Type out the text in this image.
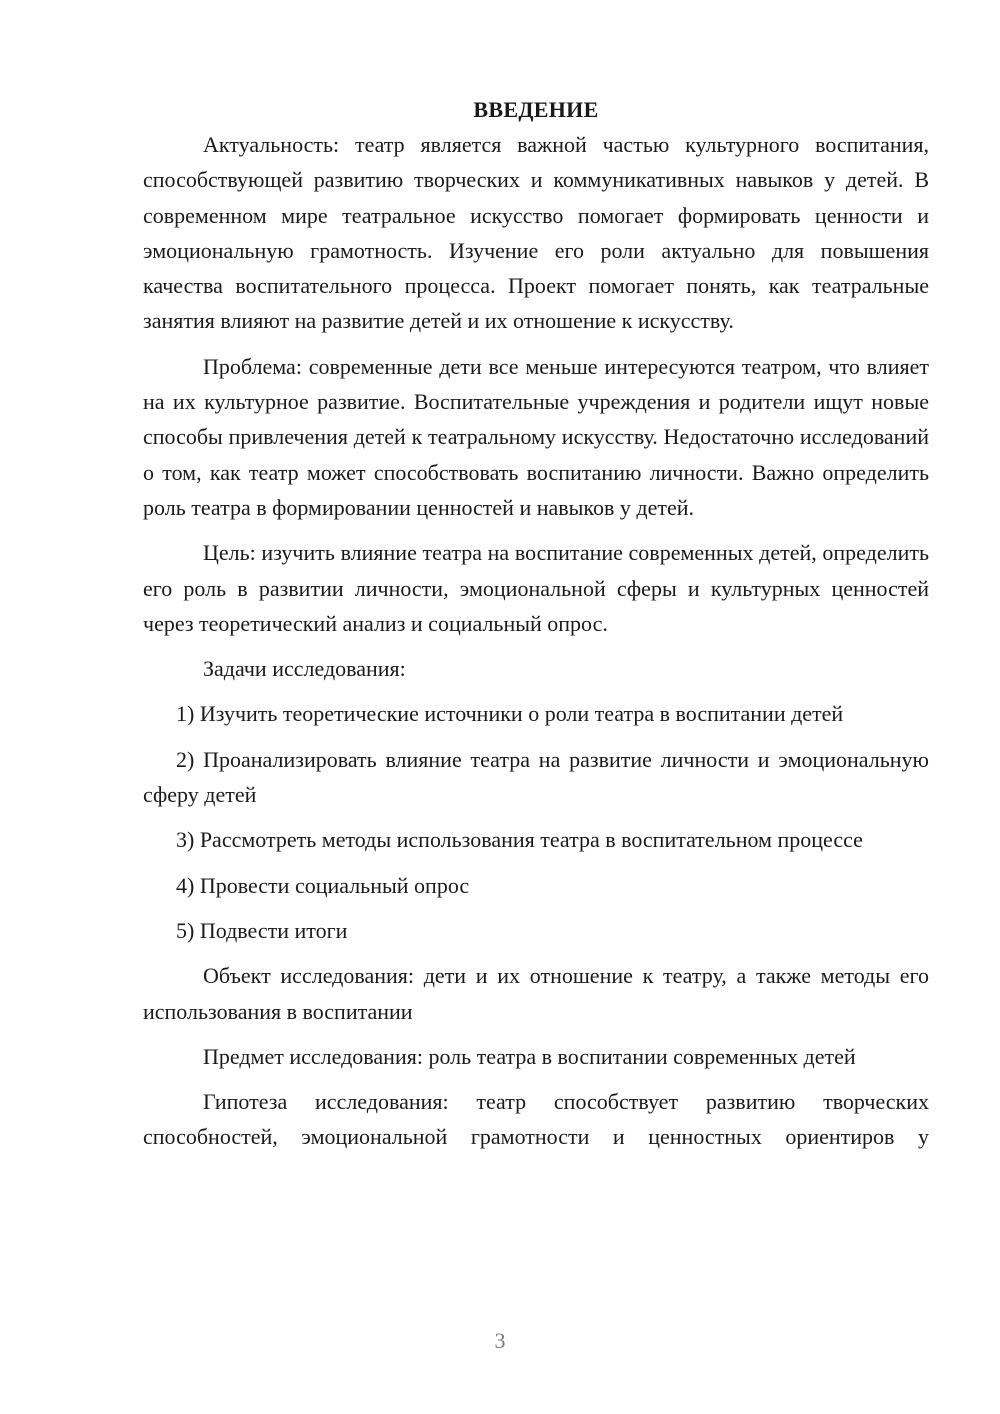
ВВЕДЕНИЕ

Актуальность: театр является важной частью культурного воспитания, способствующей развитию творческих и коммуникативных навыков у детей. В современном мире театральное искусство помогает формировать ценности и эмоциональную грамотность. Изучение его роли актуально для повышения качества воспитательного процесса. Проект помогает понять, как театральные занятия влияют на развитие детей и их отношение к искусству.

Проблема: современные дети все меньше интересуются театром, что влияет на их культурное развитие. Воспитательные учреждения и родители ищут новые способы привлечения детей к театральному искусству. Недостаточно исследований о том, как театр может способствовать воспитанию личности. Важно определить роль театра в формировании ценностей и навыков у детей.

Цель: изучить влияние театра на воспитание современных детей, определить его роль в развитии личности, эмоциональной сферы и культурных ценностей через теоретический анализ и социальный опрос.

Задачи исследования:

1) Изучить теоретические источники о роли театра в воспитании детей

2) Проанализировать влияние театра на развитие личности и эмоциональную сферу детей

3) Рассмотреть методы использования театра в воспитательном процессе

4) Провести социальный опрос

5) Подвести итоги

Объект исследования: дети и их отношение к театру, а также методы его использования в воспитании

Предмет исследования: роль театра в воспитании современных детей

Гипотеза исследования: театр способствует развитию творческих способностей, эмоциональной грамотности и ценностных ориентиров у

3
